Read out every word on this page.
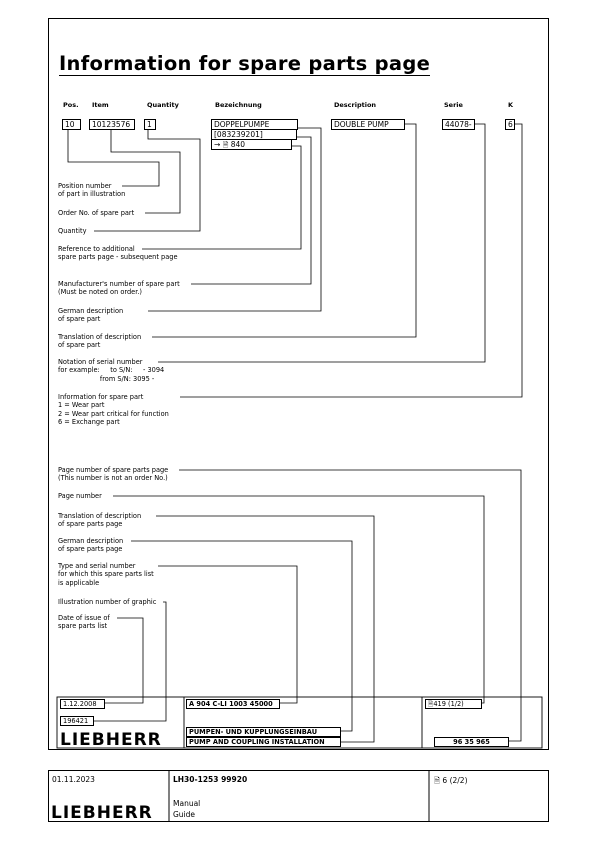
Information for spare parts page
Pos. Item	Quantity	Bezeichnung	Description	Serie	K
10	10123576	1	DOPPELPUMPE
[083239201]
→ 🗎 840
DOUBLE PUMP	44078-	6
Position number
of part in illustration
Order No. of spare part
Quantity
Reference to additional
spare parts page - subsequent page
Manufacturer's number of spare part
(Must be noted on order.)
German description
of spare part
Translation of description
of spare part
Notation of serial number
for example:     to S/N:     - 3094
from S/N: 3095 -
Information for spare part
1 = Wear part
2 = Wear part critical for function
6 = Exchange part
Page number of spare parts page
(This number is not an order No.)
Page number
Translation of description
of spare parts page
German description
of spare parts page
Type and serial number
for which this spare parts list
is applicable
Illustration number of graphic
Date of issue of
spare parts list
1.12.2008
196421
LIEBHERR
A 904 C-LI 1003 45000
PUMPEN- UND KUPPLUNGSEINBAU
PUMP AND COUPLING INSTALLATION
🗎419 (1/2)
96 35 965
01.11.2023	LH30-1253 99920	🗎 6 (2/2)
LIEBHERR	Manual
Guide
